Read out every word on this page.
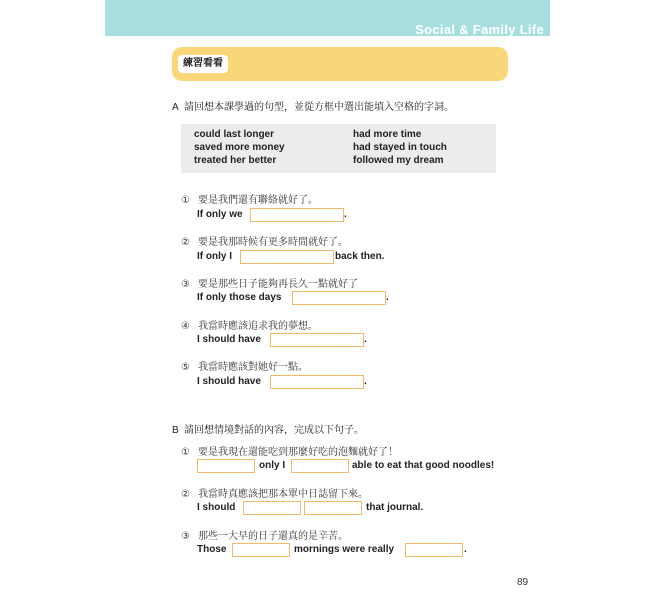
Social & Family Life
練習看看
A 請回想本課學過的句型，並從方框中選出能填入空格的字詞。
could last longer	had more time
saved more money	had stayed in touch
treated her better	followed my dream
① 要是我們還有聯絡就好了。
If only we	.
② 要是我那時候有更多時間就好了。
If only I	back then.
③ 要是那些日子能夠再長久一點就好了
If only those days	.
④ 我當時應該追求我的夢想。
I should have	.
⑤ 我當時應該對她好一點。
I should have	.
B 請回想情境對話的內容，完成以下句子。
① 要是我現在還能吃到那麼好吃的泡麵就好了！
only I	able to eat that good noodles!
② 我當時真應該把那本單中日誌留下來。
I should	that journal.
③ 那些一大早的日子還真的是辛苦。
Those	mornings were really	.
89
